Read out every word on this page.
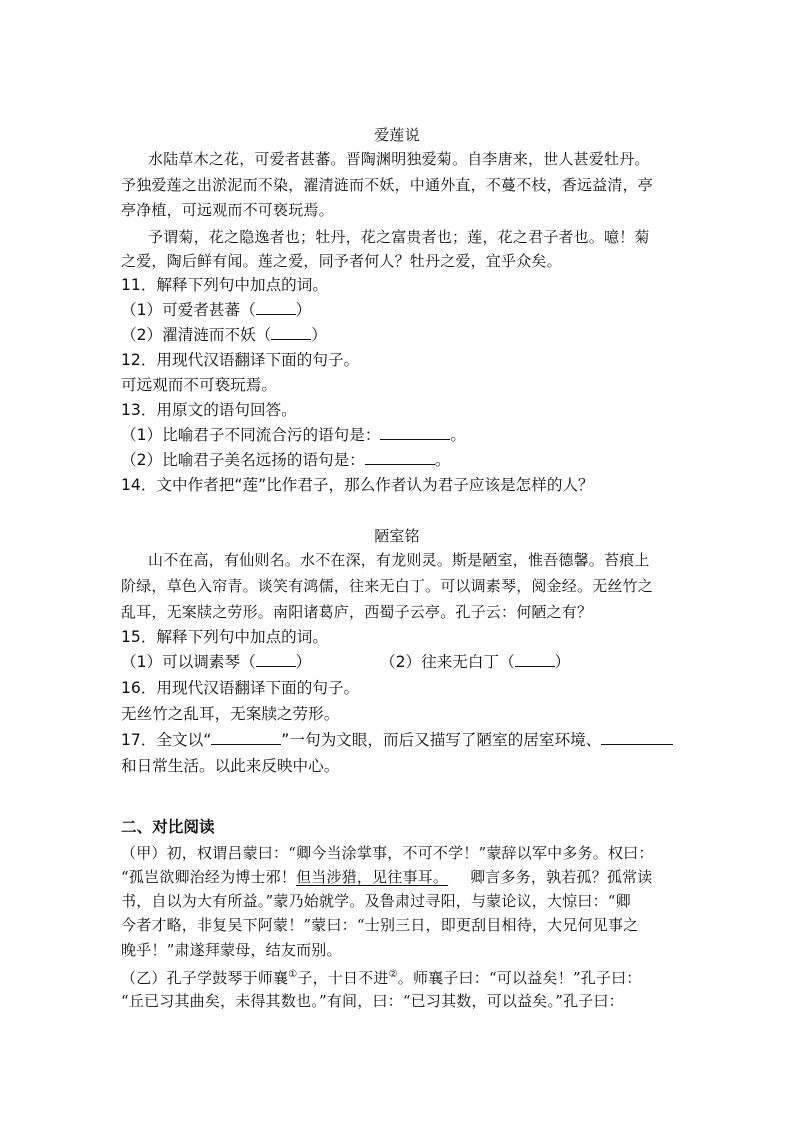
爱莲说
水陆草木之花，可爱者甚蕃。晋陶渊明独爱菊。自李唐来，世人甚爱牡丹。
予独爱莲之出淤泥而不染，濯清涟而不妖，中通外直，不蔓不枝，香远益清，亭
亭净植，可远观而不可亵玩焉。
予谓菊，花之隐逸者也；牡丹，花之富贵者也；莲，花之君子者也。噫！菊
之爱，陶后鲜有闻。莲之爱，同予者何人？牡丹之爱，宜乎众矣。
11．解释下列句中加点的词。
（1）可爱者甚蕃（	）
（2）濯清涟而不妖（	）
12．用现代汉语翻译下面的句子。
可远观而不可亵玩焉。
13．用原文的语句回答。
（1）比喻君子不同流合污的语句是：	。
（2）比喻君子美名远扬的语句是：	。
14．文中作者把“莲”比作君子，那么作者认为君子应该是怎样的人？
陋室铭
山不在高，有仙则名。水不在深，有龙则灵。斯是陋室，惟吾德馨。苔痕上
阶绿，草色入帘青。谈笑有鸿儒，往来无白丁。可以调素琴，阅金经。无丝竹之
乱耳，无案牍之劳形。南阳诸葛庐，西蜀子云亭。孔子云：何陋之有？
15．解释下列句中加点的词。
（1）可以调素琴（	）	（2）往来无白丁（	）
16．用现代汉语翻译下面的句子。
无丝竹之乱耳，无案牍之劳形。
17．全文以“	”一句为文眼，而后又描写了陋室的居室环境、
和日常生活。以此来反映中心。
二、对比阅读
（甲）初，权谓吕蒙曰：“卿今当涂掌事，不可不学！”蒙辞以军中多务。权曰：
“孤岂欲卿治经为博士邪！但当涉猎，见往事耳。 卿言多务，孰若孤？孤常读
书，自以为大有所益。”蒙乃始就学。及鲁肃过寻阳，与蒙论议，大惊曰：“卿
今者才略，非复吴下阿蒙！”蒙曰：“士别三日，即更刮目相待，大兄何见事之
晚乎！”肃遂拜蒙母，结友而别。
（乙）孔子学鼓琴于师襄①子，十日不进②。师襄子曰：“可以益矣！”孔子曰：
“丘已习其曲矣，未得其数也。”有间，曰：“已习其数，可以益矣。”孔子曰：
